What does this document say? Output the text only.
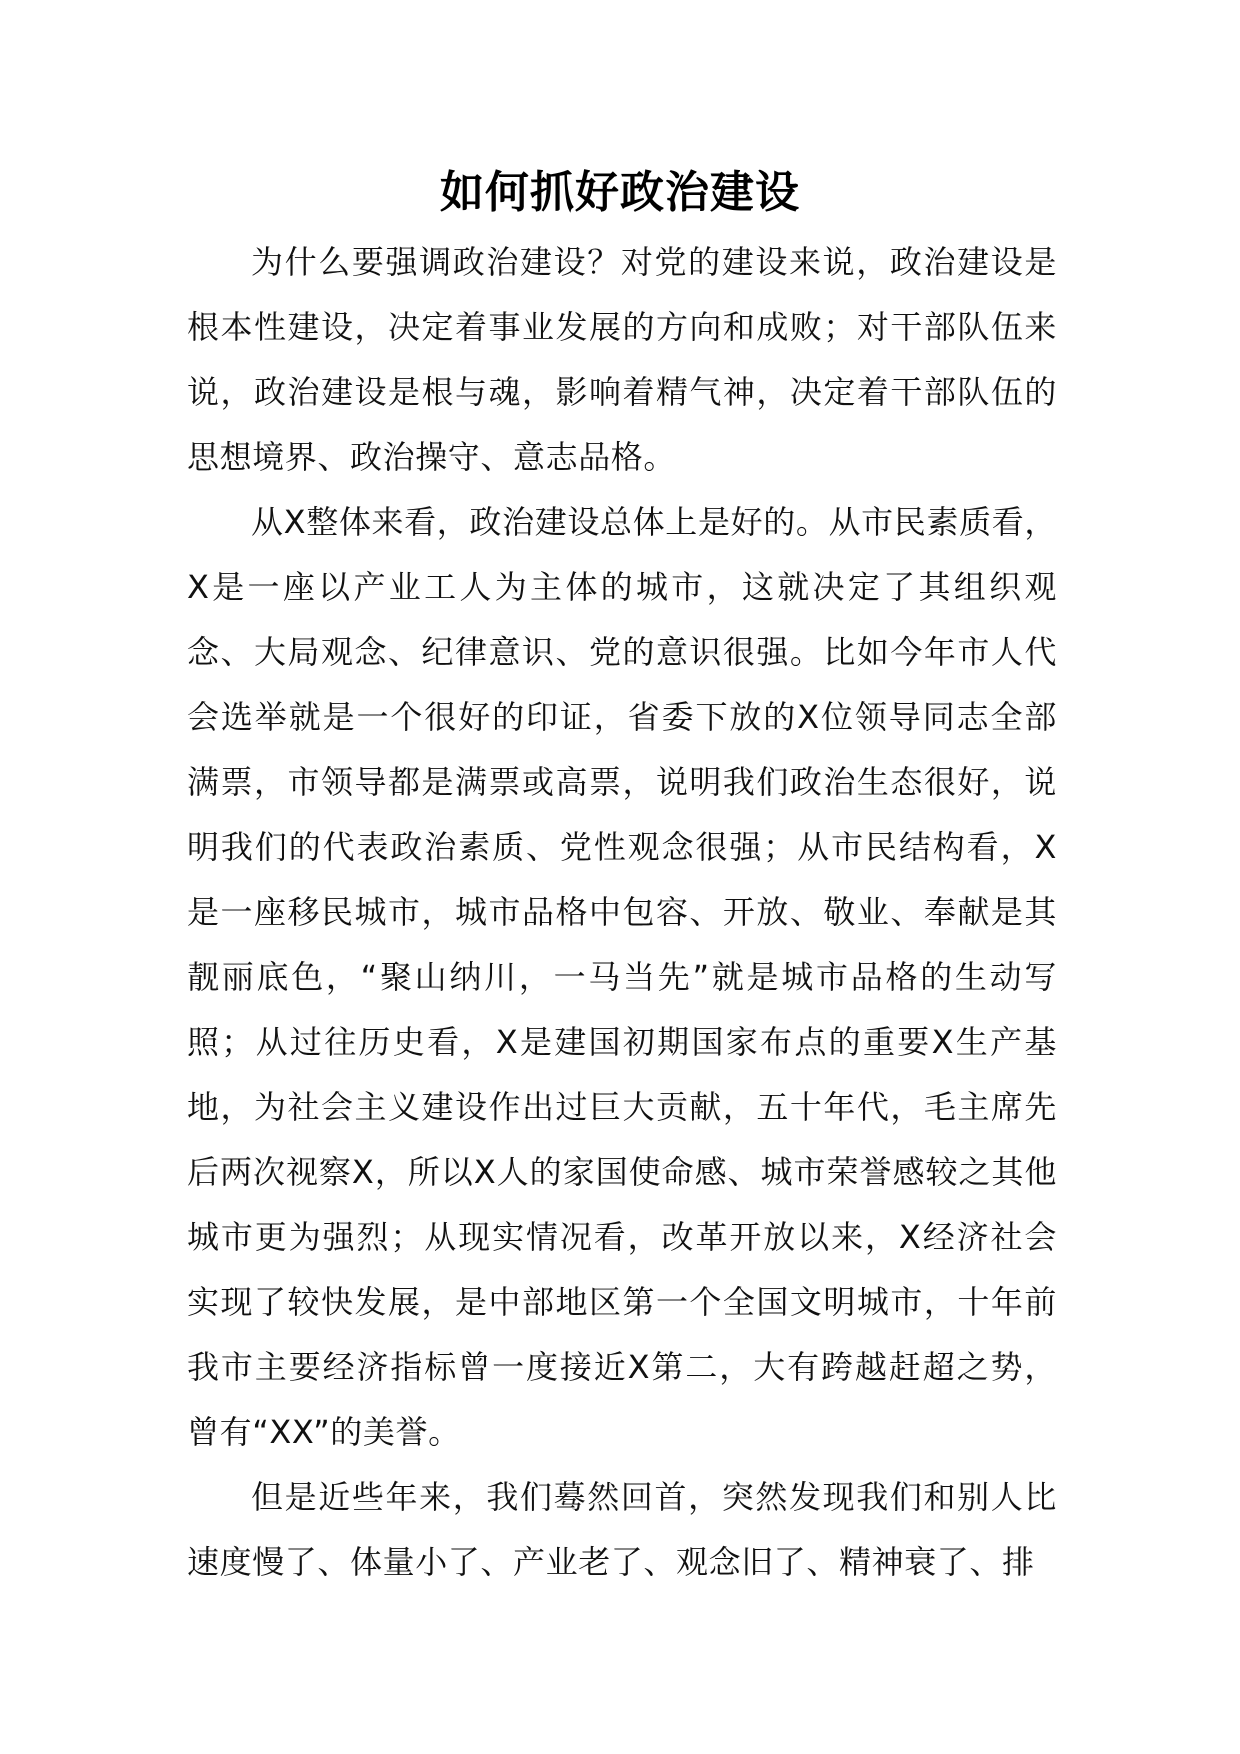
如何抓好政治建设

为什么要强调政治建设？对党的建设来说，政治建设是根本性建设，决定着事业发展的方向和成败；对干部队伍来说，政治建设是根与魂，影响着精气神，决定着干部队伍的思想境界、政治操守、意志品格。

从X整体来看，政治建设总体上是好的。从市民素质看，X是一座以产业工人为主体的城市，这就决定了其组织观念、大局观念、纪律意识、党的意识很强。比如今年市人代会选举就是一个很好的印证，省委下放的X位领导同志全部满票，市领导都是满票或高票，说明我们政治生态很好，说明我们的代表政治素质、党性观念很强；从市民结构看，X是一座移民城市，城市品格中包容、开放、敬业、奉献是其靓丽底色，“聚山纳川，一马当先”就是城市品格的生动写照；从过往历史看，X是建国初期国家布点的重要X生产基地，为社会主义建设作出过巨大贡献，五十年代，毛主席先后两次视察X，所以X人的家国使命感、城市荣誉感较之其他城市更为强烈；从现实情况看，改革开放以来，X经济社会实现了较快发展，是中部地区第一个全国文明城市，十年前我市主要经济指标曾一度接近X第二，大有跨越赶超之势，曾有“XX”的美誉。

但是近些年来，我们蓦然回首，突然发现我们和别人比速度慢了、体量小了、产业老了、观念旧了、精神衰了、排
